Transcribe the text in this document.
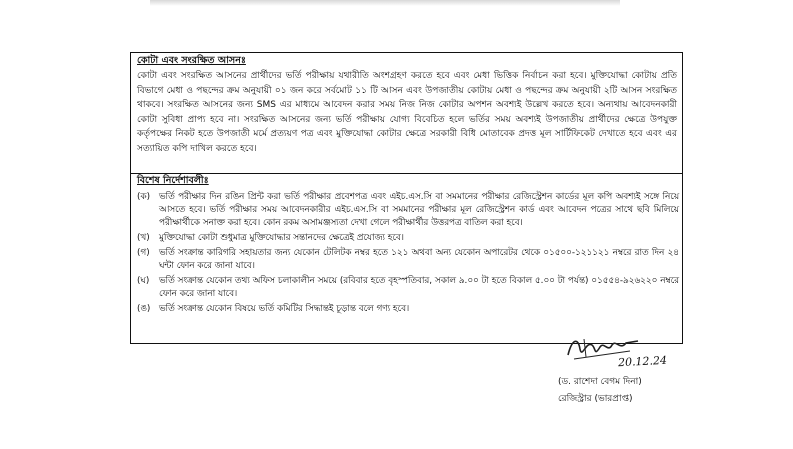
কোটা এবং সংরক্ষিত আসনঃ
কোটা এবং সংরক্ষিত আসনের প্রার্থীদের ভর্তি পরীক্ষায় যথারীতি অংশগ্রহণ করতে হবে এবং মেধা ভিত্তিক নির্বাচন করা হবে। মুক্তিযোদ্ধা কোটায় প্রতি বিভাগে মেধা ও পছন্দের ক্রম অনুযায়ী ০১ জন করে সর্বমোট ১১ টি আসন এবং উপজাতীয় কোটায় মেধা ও পছন্দের ক্রম অনুযায়ী ২টি আসন সংরক্ষিত থাকবে। সংরক্ষিত আসনের জন্য SMS এর মাধ্যমে আবেদন করার সময় নিজ নিজ কোটার অপশন অবশ্যই উল্লেখ করতে হবে। অন্যথায় আবেদনকারী কোটা সুবিধা প্রাপ্য হবে না। সংরক্ষিত আসনের জন্য ভর্তি পরীক্ষায় যোগ্য বিবেচিত হলে ভর্তির সময় অবশ্যই উপজাতীয় প্রার্থীদের ক্ষেত্রে উপযুক্ত কর্তৃপক্ষের নিকট হতে উপজাতী মর্মে প্রত্যয়ণ পত্র এবং মুক্তিযোদ্ধা কোটার ক্ষেত্রে সরকারী বিধি মোতাবেক প্রদত্ত মূল সার্টিফিকেট দেখাতে হবে এবং এর সত্যায়িত কপি দাখিল করতে হবে।
বিশেষ নির্দেশাবলীঃ
(ক)	ভর্তি পরীক্ষার দিন রঙিন প্রিন্ট করা ভর্তি পরীক্ষার প্রবেশপত্র এবং এইচ.এস.সি বা সমমানের পরীক্ষার রেজিস্ট্রেশন কার্ডের মূল কপি অবশ্যই সঙ্গে নিয়ে আসতে হবে। ভর্তি পরীক্ষার সময় আবেদনকারীর এইচ.এস.সি বা সমমানের পরীক্ষার মূল রেজিস্ট্রেশন কার্ড এবং আবেদন পত্রের সাথে ছবি মিলিয়ে পরীক্ষার্থীকে সনাক্ত করা হবে। কোন রকম অসামঞ্জস্যতা দেখা গেলে পরীক্ষার্থীর উত্তরপত্র বাতিল করা হবে।
(খ)	মুক্তিযোদ্ধা কোটা শুধুমাত্র মুক্তিযোদ্ধার সন্তানদের ক্ষেত্রেই প্রযোজ্য হবে।
(গ)	ভর্তি সংক্রান্ত কারিগরি সহায়তার জন্য যেকোন টেলিটক নম্বর হতে ১২১ অথবা অন্য যেকোন অপারেটর থেকে ০১৫০০-১২১১২১ নম্বরে রাত দিন ২৪ ঘন্টা ফোন করে জানা যাবে।
(ঘ)	ভর্তি সংক্রান্ত যেকোন তথ্য অফিস চলাকালীন সময়ে (রবিবার হতে বৃহস্পতিবার, সকাল ৯.০০ টা হতে বিকাল ৫.০০ টা পর্যন্ত) ০১৫৫৪-৯২৬২২০ নম্বরে ফোন করে জানা যাবে।
(ঙ) ভর্তি সংক্রান্ত যেকোন বিষয়ে ভর্তি কমিটির সিদ্ধান্তই চূড়ান্ত বলে গণ্য হবে।
20.12.24
(ড. রাশেদা বেগম দিনা)
রেজিস্ট্রার (ভারপ্রাপ্ত)
